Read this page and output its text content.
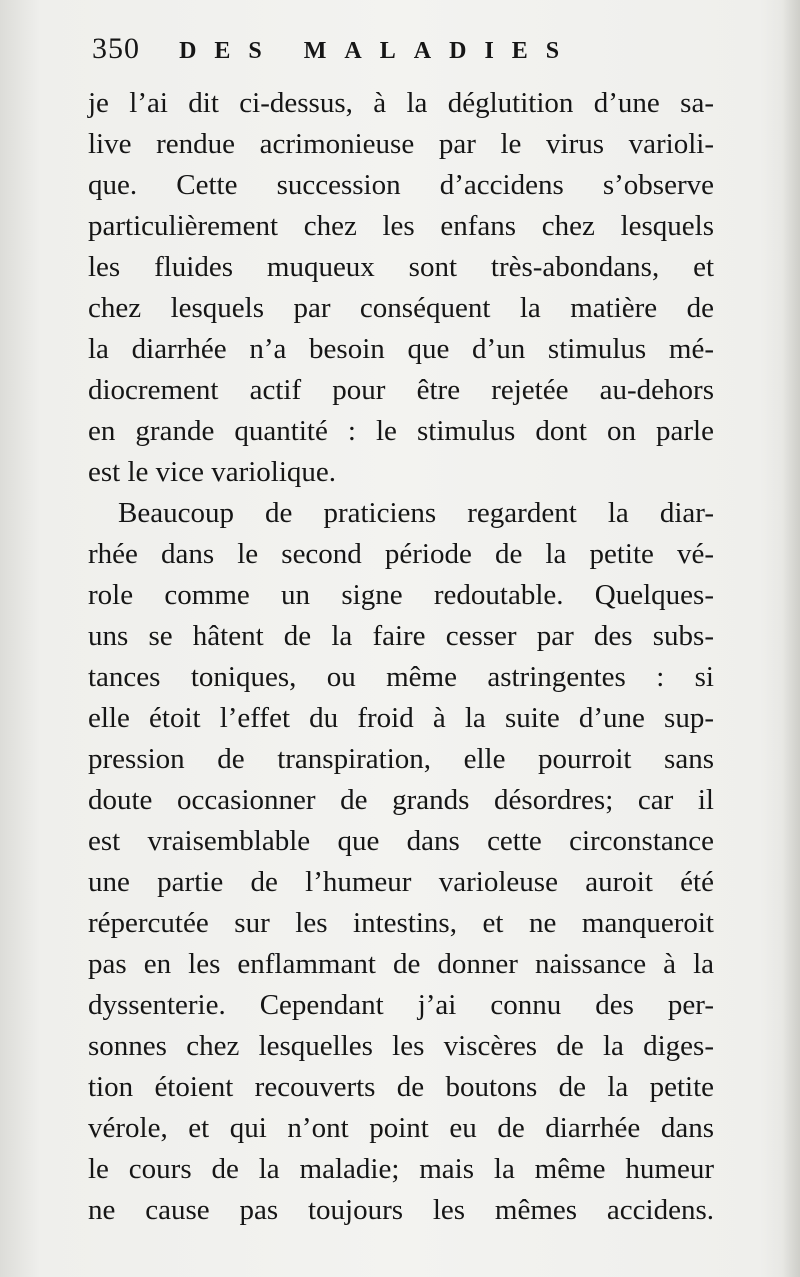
350 DES MALADIES
je l’ai dit ci-dessus, à la déglutition d’une sa-
live rendue acrimonieuse par le virus varioli-
que. Cette succession d’accidens s’observe
particulièrement chez les enfans chez lesquels
les fluides muqueux sont très-abondans, et
chez lesquels par conséquent la matière de
la diarrhée n’a besoin que d’un stimulus mé-
diocrement actif pour être rejetée au-dehors
en grande quantité : le stimulus dont on parle
est le vice variolique.
Beaucoup de praticiens regardent la diar-
rhée dans le second période de la petite vé-
role comme un signe redoutable. Quelques-
uns se hâtent de la faire cesser par des subs-
tances toniques, ou même astringentes : si
elle étoit l’effet du froid à la suite d’une sup-
pression de transpiration, elle pourroit sans
doute occasionner de grands désordres; car il
est vraisemblable que dans cette circonstance
une partie de l’humeur varioleuse auroit été
répercutée sur les intestins, et ne manqueroit
pas en les enflammant de donner naissance à la
dyssenterie. Cependant j’ai connu des per-
sonnes chez lesquelles les viscères de la diges-
tion étoient recouverts de boutons de la petite
vérole, et qui n’ont point eu de diarrhée dans
le cours de la maladie; mais la même humeur
ne cause pas toujours les mêmes accidens.
